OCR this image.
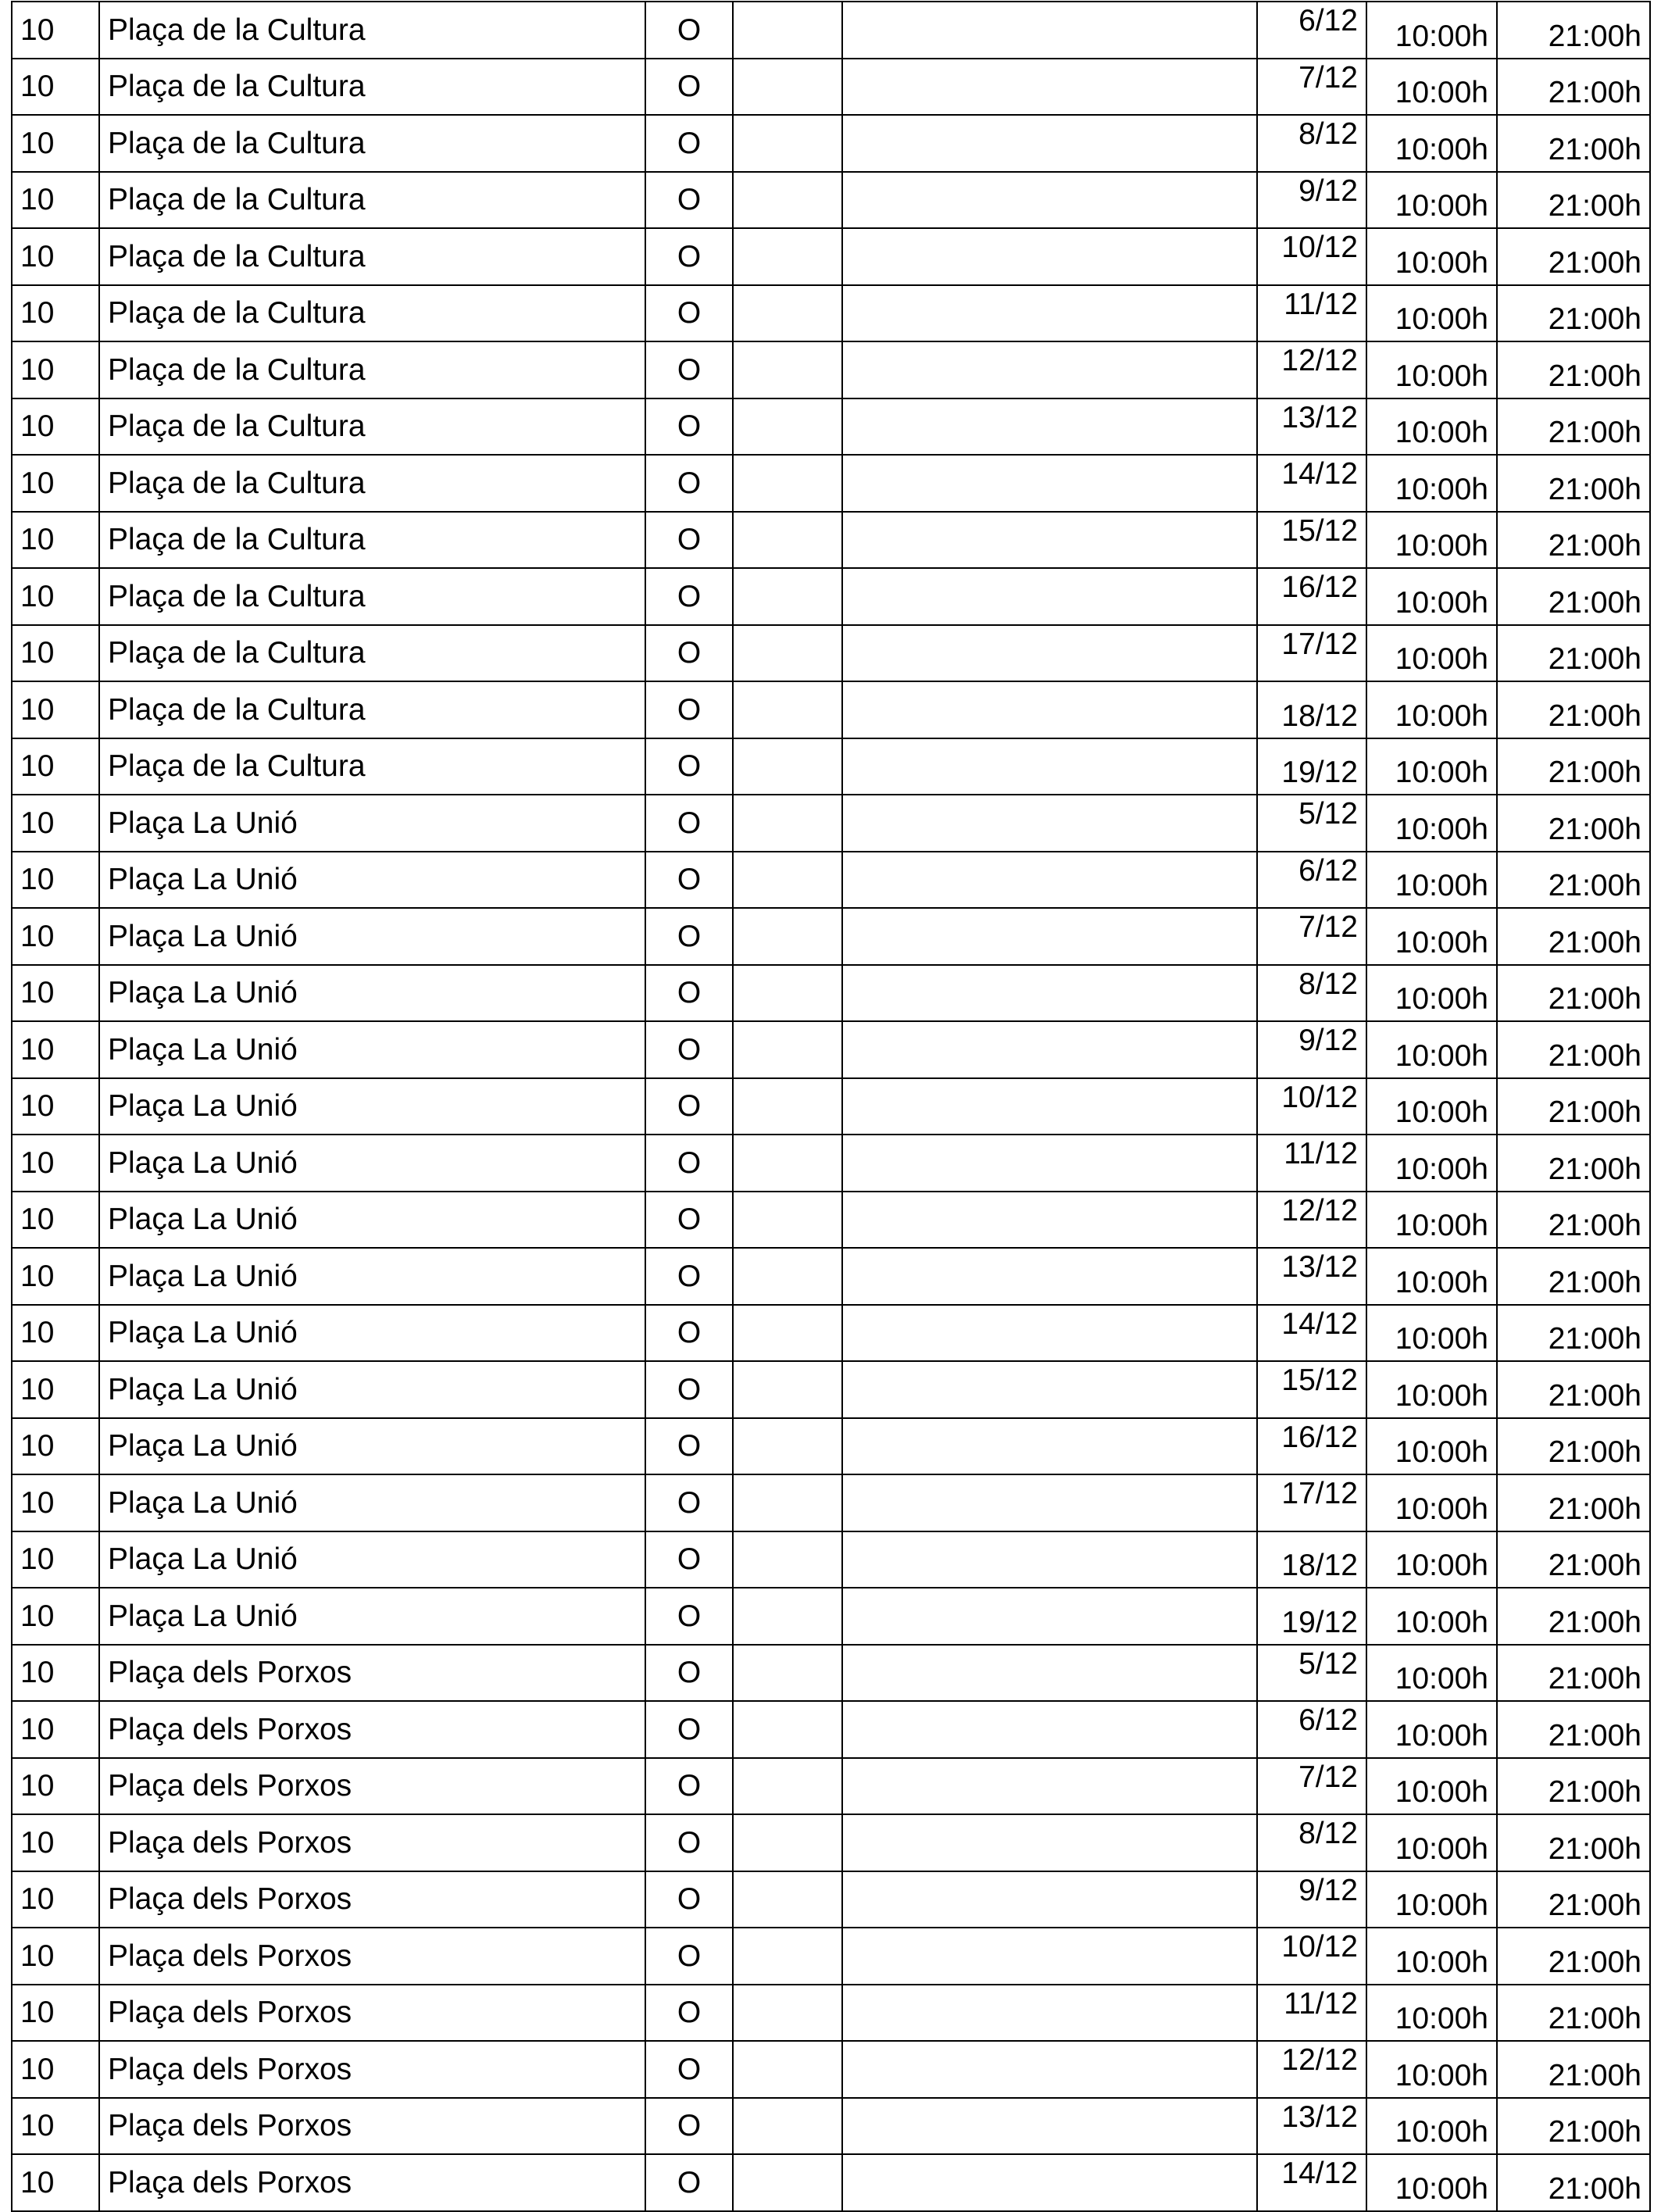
10	Plaça de la Cultura	O			6/12	10:00h	21:00h
10	Plaça de la Cultura	O			7/12	10:00h	21:00h
10	Plaça de la Cultura	O			8/12	10:00h	21:00h
10	Plaça de la Cultura	O			9/12	10:00h	21:00h
10	Plaça de la Cultura	O			10/12	10:00h	21:00h
10	Plaça de la Cultura	O			11/12	10:00h	21:00h
10	Plaça de la Cultura	O			12/12	10:00h	21:00h
10	Plaça de la Cultura	O			13/12	10:00h	21:00h
10	Plaça de la Cultura	O			14/12	10:00h	21:00h
10	Plaça de la Cultura	O			15/12	10:00h	21:00h
10	Plaça de la Cultura	O			16/12	10:00h	21:00h
10	Plaça de la Cultura	O			17/12	10:00h	21:00h
10	Plaça de la Cultura	O			18/12	10:00h	21:00h
10	Plaça de la Cultura	O			19/12	10:00h	21:00h
10	Plaça La Unió	O			5/12	10:00h	21:00h
10	Plaça La Unió	O			6/12	10:00h	21:00h
10	Plaça La Unió	O			7/12	10:00h	21:00h
10	Plaça La Unió	O			8/12	10:00h	21:00h
10	Plaça La Unió	O			9/12	10:00h	21:00h
10	Plaça La Unió	O			10/12	10:00h	21:00h
10	Plaça La Unió	O			11/12	10:00h	21:00h
10	Plaça La Unió	O			12/12	10:00h	21:00h
10	Plaça La Unió	O			13/12	10:00h	21:00h
10	Plaça La Unió	O			14/12	10:00h	21:00h
10	Plaça La Unió	O			15/12	10:00h	21:00h
10	Plaça La Unió	O			16/12	10:00h	21:00h
10	Plaça La Unió	O			17/12	10:00h	21:00h
10	Plaça La Unió	O			18/12	10:00h	21:00h
10	Plaça La Unió	O			19/12	10:00h	21:00h
10	Plaça dels Porxos	O			5/12	10:00h	21:00h
10	Plaça dels Porxos	O			6/12	10:00h	21:00h
10	Plaça dels Porxos	O			7/12	10:00h	21:00h
10	Plaça dels Porxos	O			8/12	10:00h	21:00h
10	Plaça dels Porxos	O			9/12	10:00h	21:00h
10	Plaça dels Porxos	O			10/12	10:00h	21:00h
10	Plaça dels Porxos	O			11/12	10:00h	21:00h
10	Plaça dels Porxos	O			12/12	10:00h	21:00h
10	Plaça dels Porxos	O			13/12	10:00h	21:00h
10	Plaça dels Porxos	O			14/12	10:00h	21:00h
